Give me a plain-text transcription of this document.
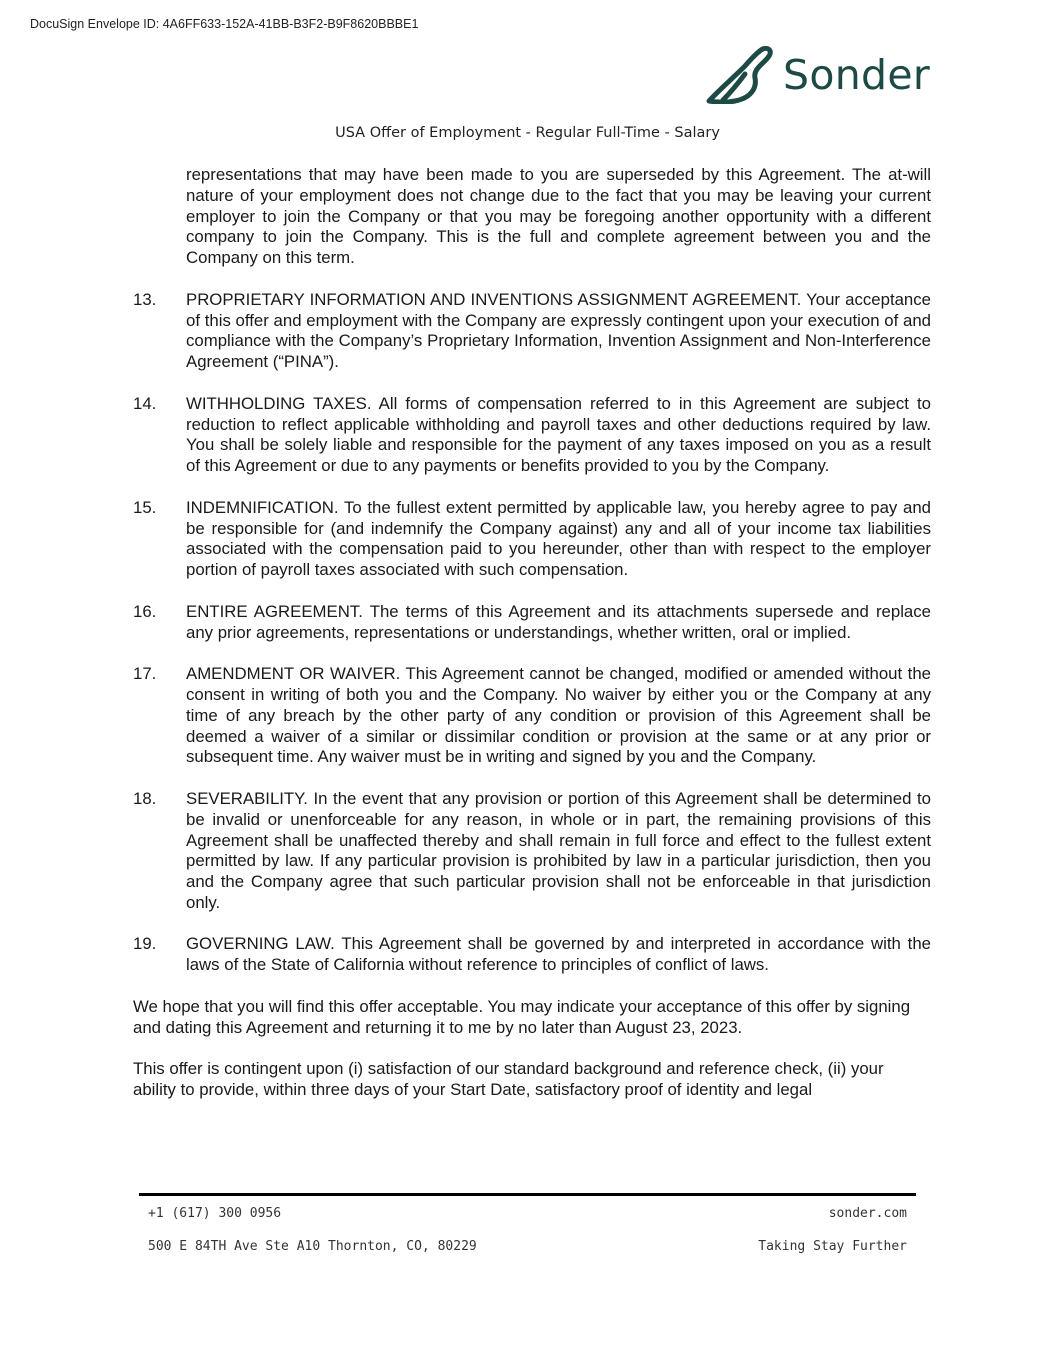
DocuSign Envelope ID: 4A6FF633-152A-41BB-B3F2-B9F8620BBBE1
Sonder
USA Offer of Employment - Regular Full-Time - Salary
representations that may have been made to you are superseded by this Agreement. The at-will nature of your employment does not change due to the fact that you may be leaving your current employer to join the Company or that you may be foregoing another opportunity with a different company to join the Company. This is the full and complete agreement between you and the Company on this term.
13.	PROPRIETARY INFORMATION AND INVENTIONS ASSIGNMENT AGREEMENT. Your acceptance of this offer and employment with the Company are expressly contingent upon your execution of and compliance with the Company’s Proprietary Information, Invention Assignment and Non-Interference Agreement (“PINA”).
14.	WITHHOLDING TAXES. All forms of compensation referred to in this Agreement are subject to reduction to reflect applicable withholding and payroll taxes and other deductions required by law. You shall be solely liable and responsible for the payment of any taxes imposed on you as a result of this Agreement or due to any payments or benefits provided to you by the Company.
15.	INDEMNIFICATION. To the fullest extent permitted by applicable law, you hereby agree to pay and be responsible for (and indemnify the Company against) any and all of your income tax liabilities associated with the compensation paid to you hereunder, other than with respect to the employer portion of payroll taxes associated with such compensation.
16.	ENTIRE AGREEMENT. The terms of this Agreement and its attachments supersede and replace any prior agreements, representations or understandings, whether written, oral or implied.
17.	AMENDMENT OR WAIVER. This Agreement cannot be changed, modified or amended without the consent in writing of both you and the Company. No waiver by either you or the Company at any time of any breach by the other party of any condition or provision of this Agreement shall be deemed a waiver of a similar or dissimilar condition or provision at the same or at any prior or subsequent time. Any waiver must be in writing and signed by you and the Company.
18.	SEVERABILITY. In the event that any provision or portion of this Agreement shall be determined to be invalid or unenforceable for any reason, in whole or in part, the remaining provisions of this Agreement shall be unaffected thereby and shall remain in full force and effect to the fullest extent permitted by law. If any particular provision is prohibited by law in a particular jurisdiction, then you and the Company agree that such particular provision shall not be enforceable in that jurisdiction only.
19.	GOVERNING LAW. This Agreement shall be governed by and interpreted in accordance with the laws of the State of California without reference to principles of conflict of laws.
We hope that you will find this offer acceptable. You may indicate your acceptance of this offer by signing and dating this Agreement and returning it to me by no later than August 23, 2023.
This offer is contingent upon (i) satisfaction of our standard background and reference check, (ii) your ability to provide, within three days of your Start Date, satisfactory proof of identity and legal
+1 (617) 300 0956	sonder.com
500 E 84TH Ave Ste A10 Thornton, CO, 80229	Taking Stay Further
